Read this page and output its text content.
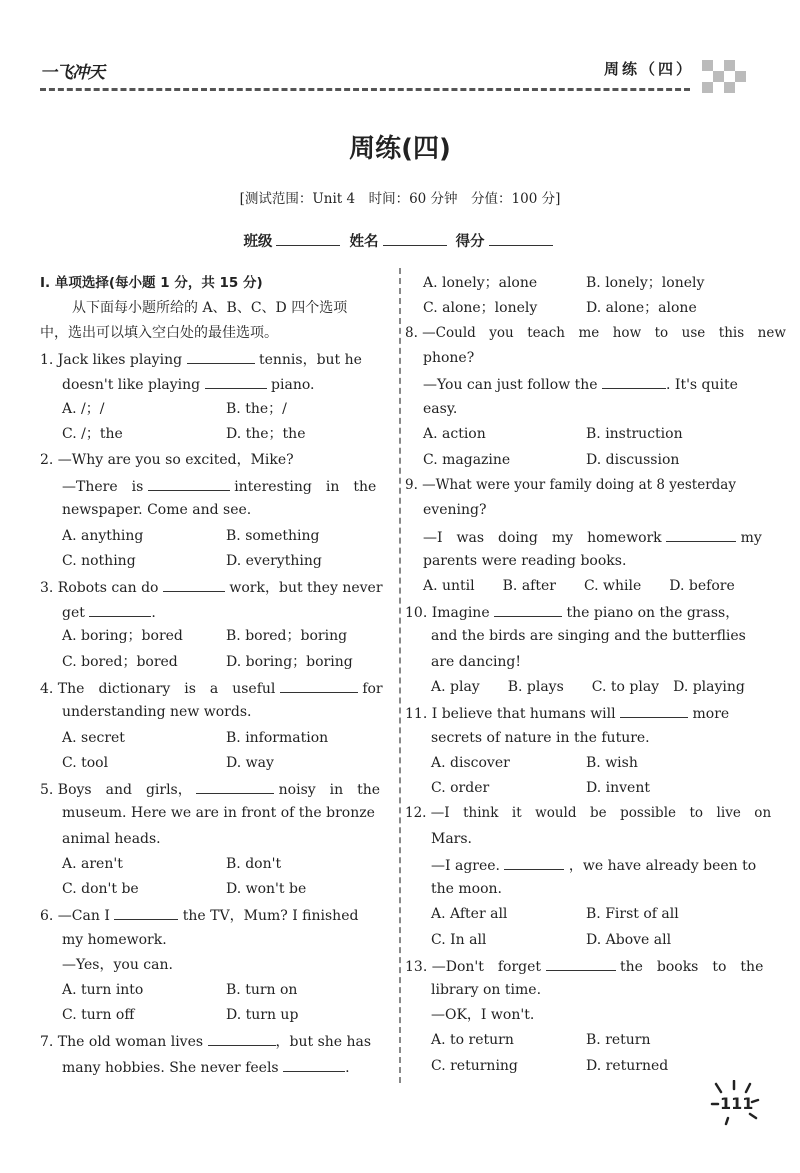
一飞冲天	周练（四）
周练(四)
[测试范围：Unit 4　时间：60 分钟　分值：100 分]
班级	姓名	得分
Ⅰ. 单项选择(每小题 1 分，共 15 分)
从下面每小题所给的 A、B、C、D 四个选项
中，选出可以填入空白处的最佳选项。
1. Jack likes playing	tennis，but he
doesn't like playing	piano.
A. /；/	B. the；/
C. /；the	D. the；the
2. —Why are you so excited，Mike?
—There　is	interesting　in　the
newspaper. Come and see.
A. anything	B. something
C. nothing	D. everything
3. Robots can do	work，but they never
get	.
A. boring；bored	B. bored；boring
C. bored；bored	D. boring；boring
4. The　dictionary　is　a　useful	for
understanding new words.
A. secret	B. information
C. tool	D. way
5. Boys　and　girls，	noisy　in　the
museum. Here we are in front of the bronze
animal heads.
A. aren't	B. don't
C. don't be	D. won't be
6. —Can I	the TV，Mum? I finished
my homework.
—Yes，you can.
A. turn into	B. turn on
C. turn off	D. turn up
7. The old woman lives	，but she has
many hobbies. She never feels	.
A. lonely；alone	B. lonely；lonely
C. alone；lonely	D. alone；alone
8. —Could　you　teach　me　how　to　use　this　new
phone?
—You can just follow the	. It's quite
easy.
A. action	B. instruction
C. magazine	D. discussion
9. —What were your family doing at 8 yesterday
evening?
—I　was　doing　my　homework	my
parents were reading books.
A. until　　B. after　　C. while　　D. before
10. Imagine	the piano on the grass，
and the birds are singing and the butterflies
are dancing!
A. play　　B. plays　　C. to play　D. playing
11. I believe that humans will	more
secrets of nature in the future.
A. discover	B. wish
C. order	D. invent
12. —I　think　it　would　be　possible　to　live　on
Mars.
—I agree.	，we have already been to
the moon.
A. After all	B. First of all
C. In all	D. Above all
13. —Don't　forget	the　books　to　the
library on time.
—OK，I won't.
A. to return	B. return
C. returning	D. returned
111
